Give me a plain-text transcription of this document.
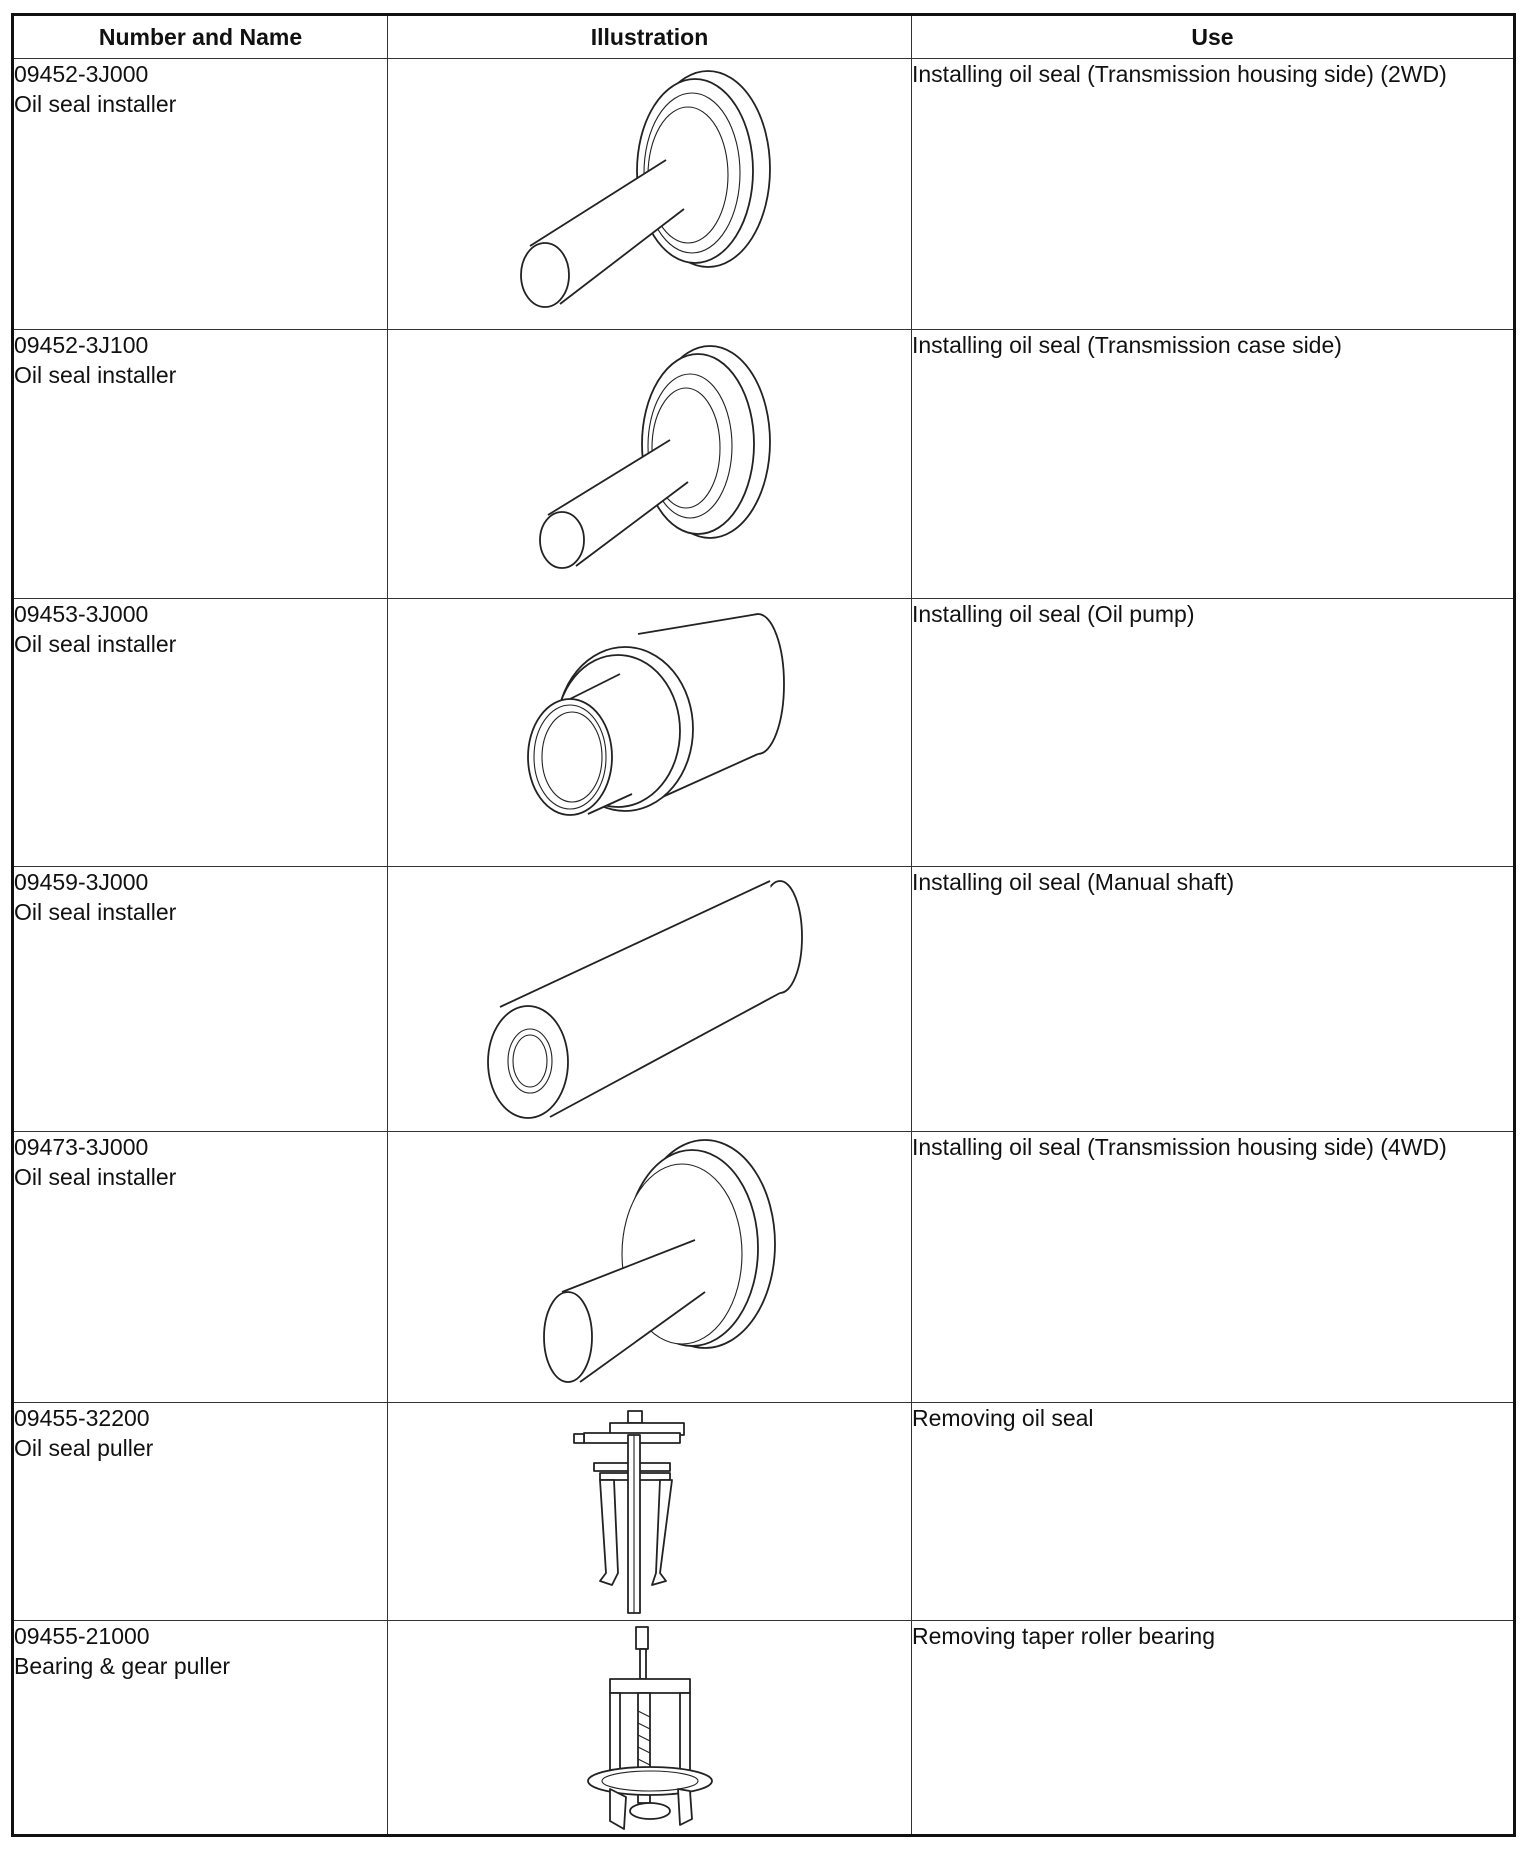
Number and Name	Illustration	Use

09452-3J000
Oil seal installer		Installing oil seal (Transmission housing side) (2WD)

09452-3J100
Oil seal installer		Installing oil seal (Transmission case side)

09453-3J000
Oil seal installer		Installing oil seal (Oil pump)

09459-3J000
Oil seal installer		Installing oil seal (Manual shaft)

09473-3J000
Oil seal installer		Installing oil seal (Transmission housing side) (4WD)

09455-32200
Oil seal puller		Removing oil seal

09455-21000
Bearing & gear puller		Removing taper roller bearing
